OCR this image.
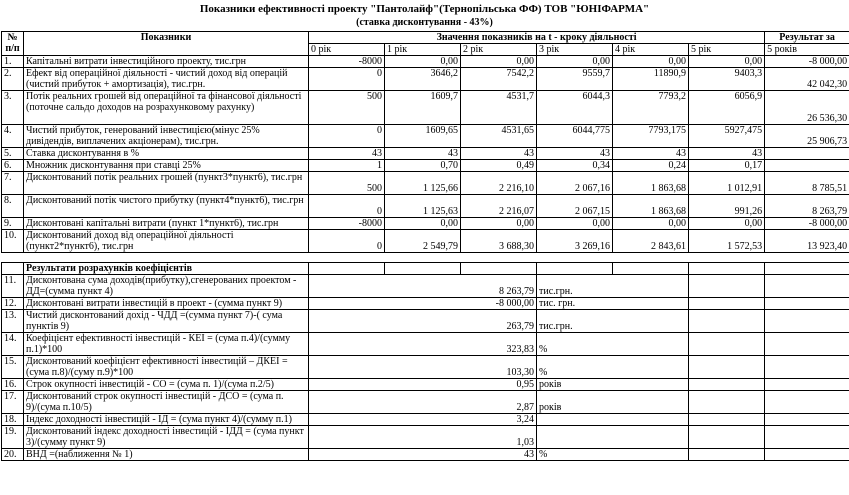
Показники ефективності проекту "Пантолайф"(Тернопільська ФФ) ТОВ "ЮНІФАРМА"
(ставка дисконтування - 43%)
№ п/п	Показники	Значення показників на t - кроку діяльності						Результат за
		0 рік	1 рік	2 рік	3 рік	4 рік	5 рік	5 років
1.	Капітальні витрати інвестиційного проекту, тис.грн	-8000	0,00	0,00	0,00	0,00	0,00	-8 000,00
2.	Ефект від операційної діяльності - чистий доход від операцій (чистий прибуток + амортизація), тис.грн.	0	3646,2	7542,2	9559,7	11890,9	9403,3	42 042,30
3.	Потік реальних грошей від операційної та фінансової діяльності (поточне сальдо доходов на розрахунковому рахунку)	500	1609,7	4531,7	6044,3	7793,2	6056,9	26 536,30
4.	Чистий прибуток, генерований інвестицією(мінус 25% дивідендів, виплачених акціонерам), тис.грн.	0	1609,65	4531,65	6044,775	7793,175	5927,475	25 906,73
5.	Ставка дисконтування в %	43	43	43	43	43	43	
6.	Множник дисконтування при ставці 25%	1	0,70	0,49	0,34	0,24	0,17	
7.	Дисконтований потік реальних грошей (пункт3*пункт6), тис.грн	500	1 125,66	2 216,10	2 067,16	1 863,68	1 012,91	8 785,51
8.	Дисконтований потік чистого прибутку (пункт4*пункт6), тис.грн	0	1 125,63	2 216,07	2 067,15	1 863,68	991,26	8 263,79
9.	Дисконтовані капітальні витрати (пункт 1*пункт6), тис.грн	-8000	0,00	0,00	0,00	0,00	0,00	-8 000,00
10.	Дисконтований доход від операційної діяльності (пункт2*пункт6), тис.грн	0	2 549,79	3 688,30	3 269,16	2 843,61	1 572,53	13 923,40

	Результати розрахунків коефіцієнтів							
11.	Дисконтована сума доходів(прибутку),сгенерованих проектом - ДД=(сумма пункт 4)	8 263,79			тис.грн.			
12.	Дисконтовані витрати інвестицій в проект - (сумма пункт 9)	-8 000,00			тис. грн.			
13.	Чистий дисконтований дохід - ЧДД =(сумма пункт 7)-( сума пунктів 9)	263,79			тис.грн.			
14.	Коефіцієнт ефективності інвестицій - КЕІ = (сума п.4)/(сумму п.1)*100	323,83			%			
15.	Дисконтований коефіцієнт ефективності інвестицій – ДКЕІ = (сума п.8)/(суму п.9)*100	103,30			%			
16.	Строк окупності інвестицій - СО = (сума п. 1)/(сума п.2/5)	0,95			років			
17.	Дисконтований строк окупності інвестицій - ДСО = (сума п. 9)/(сума п.10/5)	2,87			років			
18.	Індекс доходності інвестицій - ІД = (сума пункт 4)/(сумму п.1)	3,24						
19.	Дисконтований індекс доходності інвестицій - ІДД = (сума пункт 3)/(сумму пункт 9)	1,03						
20.	ВНД =(наближення № 1)	43			%			
